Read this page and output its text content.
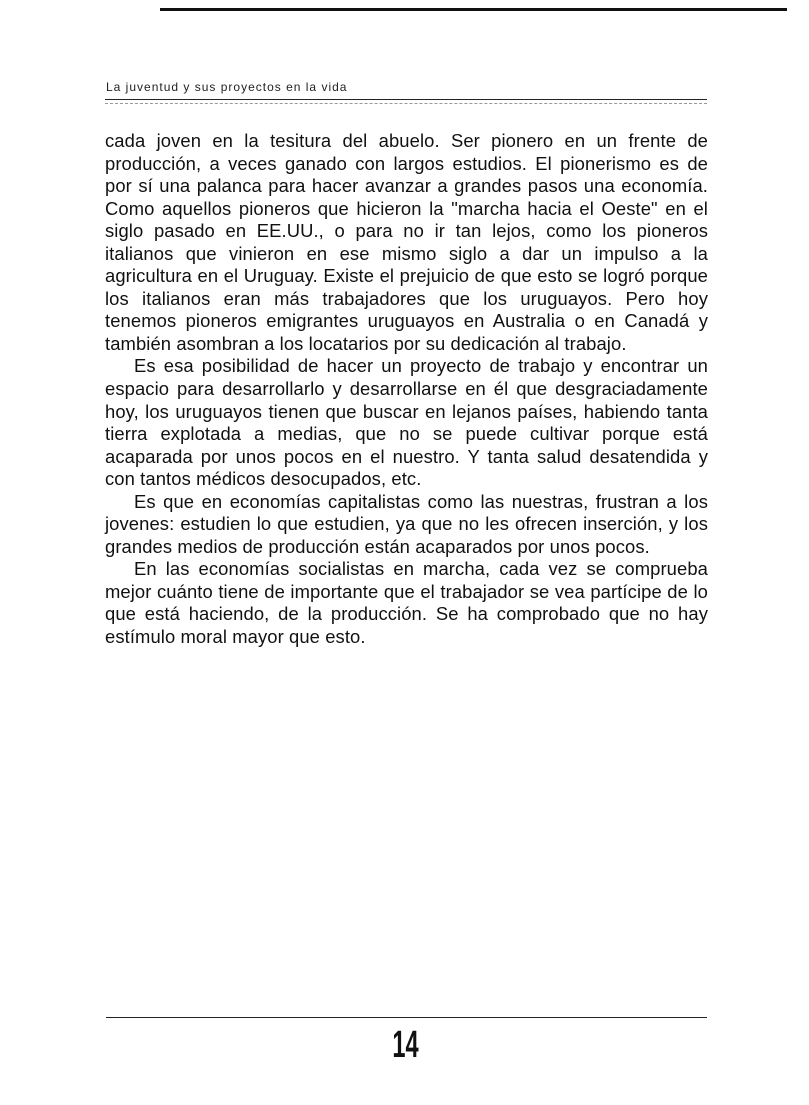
La juventud y sus proyectos en la vida

cada joven en la tesitura del abuelo. Ser pionero en un frente de producción, a veces ganado con largos estudios. El pionerismo es de por sí una palanca para hacer avanzar a grandes pasos una economía. Como aquellos pioneros que hicieron la "marcha hacia el Oeste" en el siglo pasado en EE.UU., o para no ir tan lejos, como los pioneros italianos que vinieron en ese mismo siglo a dar un impulso a la agricultura en el Uruguay. Existe el prejuicio de que esto se logró porque los italianos eran más trabajadores que los uruguayos. Pero hoy tenemos pioneros emigrantes uruguayos en Australia o en Canadá y también asombran a los locatarios por su dedicación al trabajo.

Es esa posibilidad de hacer un proyecto de trabajo y encontrar un espacio para desarrollarlo y desarrollarse en él que desgraciadamente hoy, los uruguayos tienen que buscar en lejanos países, habiendo tanta tierra explotada a medias, que no se puede cultivar porque está acaparada por unos pocos en el nuestro. Y tanta salud desatendida y con tantos médicos desocupados, etc.

Es que en economías capitalistas como las nuestras, frustran a los jovenes: estudien lo que estudien, ya que no les ofrecen inserción, y los grandes medios de producción están acaparados por unos pocos.

En las economías socialistas en marcha, cada vez se comprueba mejor cuánto tiene de importante que el trabajador se vea partícipe de lo que está haciendo, de la producción. Se ha comprobado que no hay estímulo moral mayor que esto.

14
